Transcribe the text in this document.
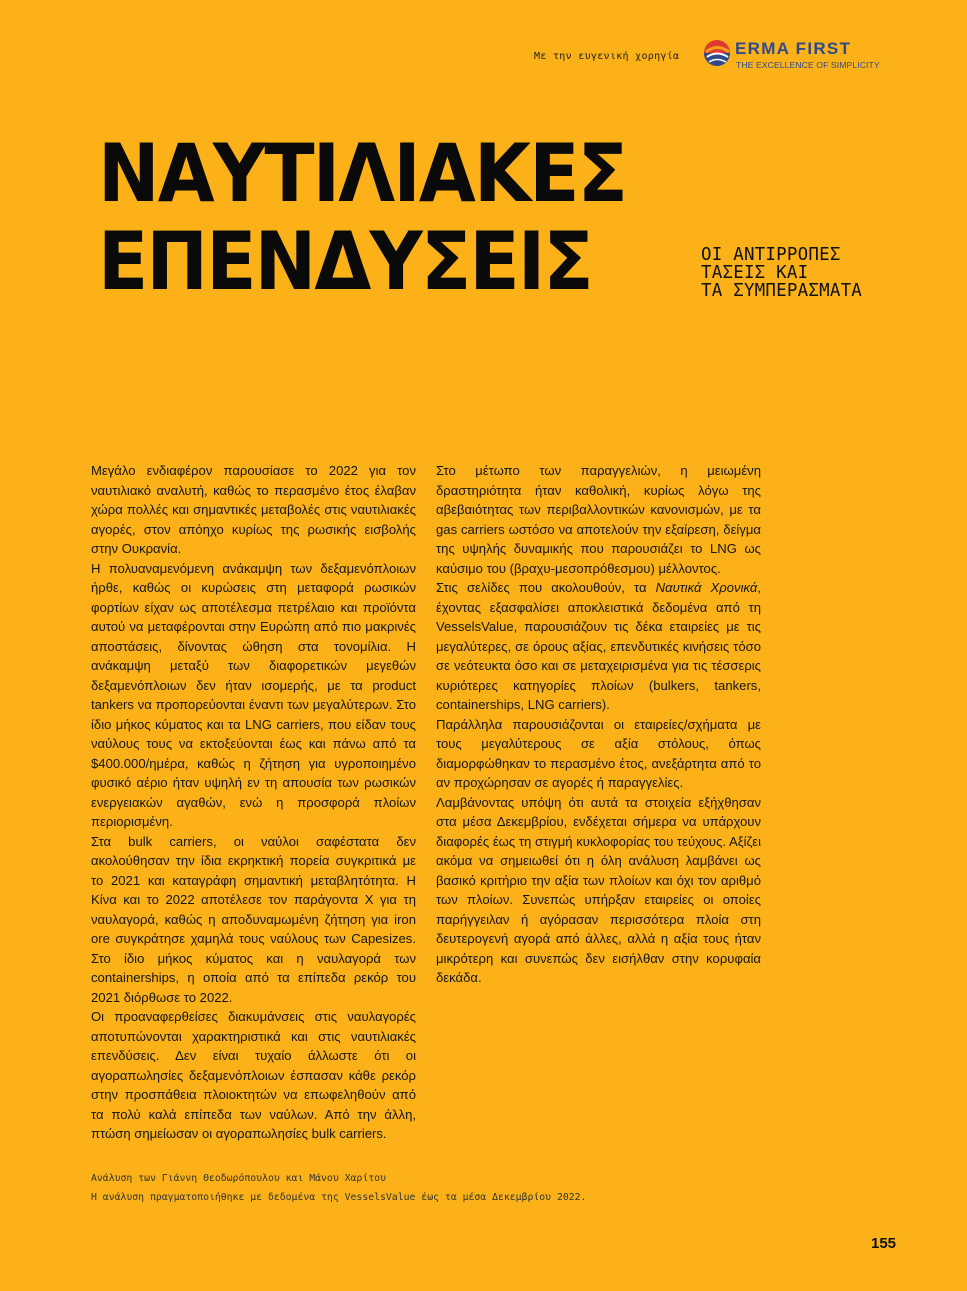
Με την ευγενική χορηγία	ERMA FIRST
THE EXCELLENCE OF SIMPLICITY
ΝΑΥΤΙΛΙΑΚΕΣ
ΕΠΕΝΔΥΣΕΙΣ	ΟΙ ΑΝΤΙΡΡΟΠΕΣ
ΤΑΣΕΙΣ ΚΑΙ
ΤΑ ΣΥΜΠΕΡΑΣΜΑΤΑ

Μεγάλο ενδιαφέρον παρουσίασε το 2022 για τον ναυτιλιακό αναλυτή, καθώς το περασμένο έτος έλαβαν χώρα πολλές και σημαντικές μεταβολές στις ναυτιλιακές αγορές, στον απόηχο κυρίως της ρωσικής εισβολής στην Ουκρανία.

Η πολυαναμενόμενη ανάκαμψη των δεξαμενόπλοιων ήρθε, καθώς οι κυρώσεις στη μεταφορά ρωσικών φορτίων είχαν ως αποτέλεσμα πετρέλαιο και προϊόντα αυτού να μεταφέρονται στην Ευρώπη από πιο μακρινές αποστάσεις, δίνοντας ώθηση στα τονομίλια. Η ανάκαμψη μεταξύ των διαφορετικών μεγεθών δεξαμενόπλοιων δεν ήταν ισομερής, με τα product tankers να προπορεύονται έναντι των μεγαλύτερων. Στο ίδιο μήκος κύματος και τα LNG carriers, που είδαν τους ναύλους τους να εκτοξεύονται έως και πάνω από τα $400.000/ημέρα, καθώς η ζήτηση για υγροποιημένο φυσικό αέριο ήταν υψηλή εν τη απουσία των ρωσικών ενεργειακών αγαθών, ενώ η προσφορά πλοίων περιορισμένη.

Στα bulk carriers, οι ναύλοι σαφέστατα δεν ακολούθησαν την ίδια εκρηκτική πορεία συγκριτικά με το 2021 και καταγράφη σημαντική μεταβλητότητα. Η Κίνα και το 2022 αποτέλεσε τον παράγοντα Χ για τη ναυλαγορά, καθώς η αποδυναμωμένη ζήτηση για iron ore συγκράτησε χαμηλά τους ναύλους των Capesizes. Στο ίδιο μήκος κύματος και η ναυλαγορά των containerships, η οποία από τα επίπεδα ρεκόρ του 2021 διόρθωσε το 2022.

Οι προαναφερθείσες διακυμάνσεις στις ναυλαγορές αποτυπώνονται χαρακτηριστικά και στις ναυτιλιακές επενδύσεις. Δεν είναι τυχαίο άλλωστε ότι οι αγοραπωλησίες δεξαμενόπλοιων έσπασαν κάθε ρεκόρ στην προσπάθεια πλοιοκτητών να επωφεληθούν από τα πολύ καλά επίπεδα των ναύλων. Από την άλλη, πτώση σημείωσαν οι αγοραπωλησίες bulk carriers.

Στο μέτωπο των παραγγελιών, η μειωμένη δραστηριότητα ήταν καθολική, κυρίως λόγω της αβεβαιότητας των περιβαλλοντικών κανονισμών, με τα gas carriers ωστόσο να αποτελούν την εξαίρεση, δείγμα της υψηλής δυναμικής που παρουσιάζει το LNG ως καύσιμο του (βραχυ-μεσοπρόθεσμου) μέλλοντος.

Στις σελίδες που ακολουθούν, τα Ναυτικά Χρονικά, έχοντας εξασφαλίσει αποκλειστικά δεδομένα από τη VesselsValue, παρουσιάζουν τις δέκα εταιρείες με τις μεγαλύτερες, σε όρους αξίας, επενδυτικές κινήσεις τόσο σε νεότευκτα όσο και σε μεταχειρισμένα για τις τέσσερις κυριότερες κατηγορίες πλοίων (bulkers, tankers, containerships, LNG carriers).

Παράλληλα παρουσιάζονται οι εταιρείες/σχήματα με τους μεγαλύτερους σε αξία στόλους, όπως διαμορφώθηκαν το περασμένο έτος, ανεξάρτητα από το αν προχώρησαν σε αγορές ή παραγγελίες.

Λαμβάνοντας υπόψη ότι αυτά τα στοιχεία εξήχθησαν στα μέσα Δεκεμβρίου, ενδέχεται σήμερα να υπάρχουν διαφορές έως τη στιγμή κυκλοφορίας του τεύχους. Αξίζει ακόμα να σημειωθεί ότι η όλη ανάλυση λαμβάνει ως βασικό κριτήριο την αξία των πλοίων και όχι τον αριθμό των πλοίων. Συνεπώς υπήρξαν εταιρείες οι οποίες παρήγγειλαν ή αγόρασαν περισσότερα πλοία στη δευτερογενή αγορά από άλλες, αλλά η αξία τους ήταν μικρότερη και συνεπώς δεν εισήλθαν στην κορυφαία δεκάδα.

Ανάλυση των Γιάννη Θεοδωρόπουλου και Μάνου Χαρίτου
Η ανάλυση πραγματοποιήθηκε με δεδομένα της VesselsValue έως τα μέσα Δεκεμβρίου 2022.
155
